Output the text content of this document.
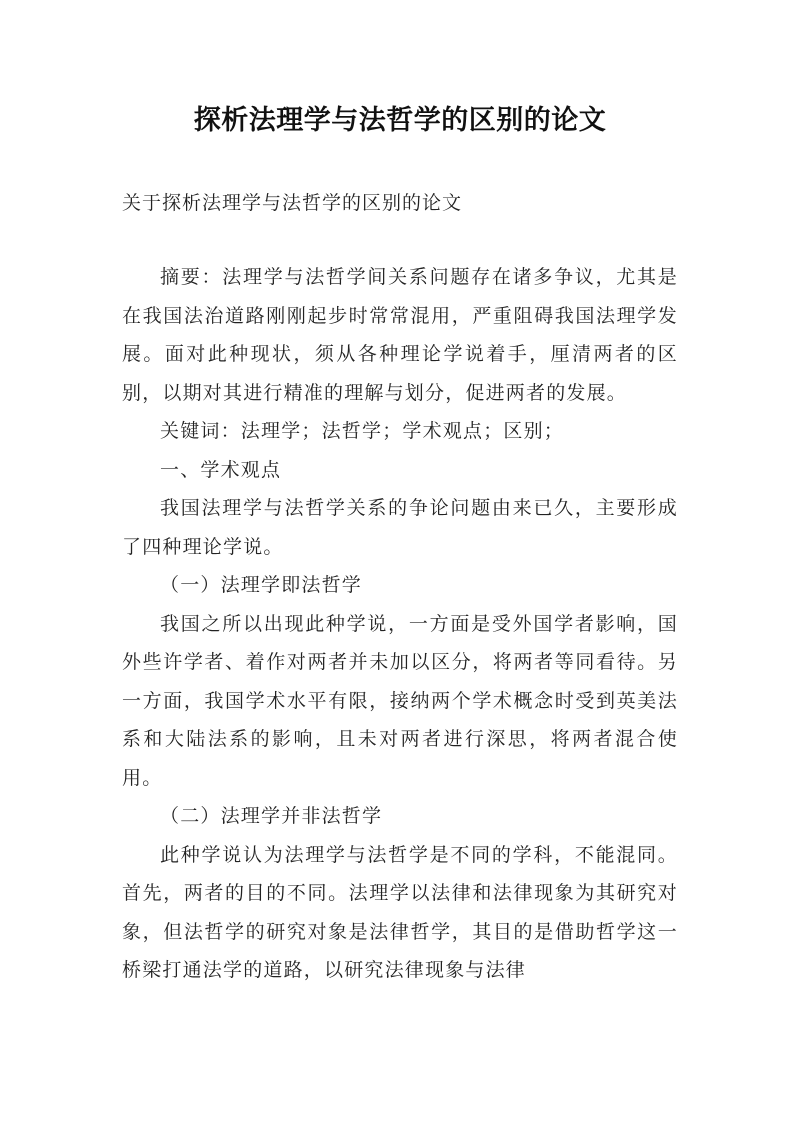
探析法理学与法哲学的区别的论文
关于探析法理学与法哲学的区别的论文

摘要：法理学与法哲学间关系问题存在诸多争议，尤其是在我国法治道路刚刚起步时常常混用，严重阻碍我国法理学发展。面对此种现状，须从各种理论学说着手，厘清两者的区别，以期对其进行精准的理解与划分，促进两者的发展。

关键词：法理学；法哲学；学术观点；区别；

一、学术观点

我国法理学与法哲学关系的争论问题由来已久，主要形成了四种理论学说。

（一）法理学即法哲学

我国之所以出现此种学说，一方面是受外国学者影响，国外些许学者、着作对两者并未加以区分，将两者等同看待。另一方面，我国学术水平有限，接纳两个学术概念时受到英美法系和大陆法系的影响，且未对两者进行深思，将两者混合使用。

（二）法理学并非法哲学

此种学说认为法理学与法哲学是不同的学科，不能混同。首先，两者的目的不同。法理学以法律和法律现象为其研究对象，但法哲学的研究对象是法律哲学，其目的是借助哲学这一桥梁打通法学的道路，以研究法律现象与法律
